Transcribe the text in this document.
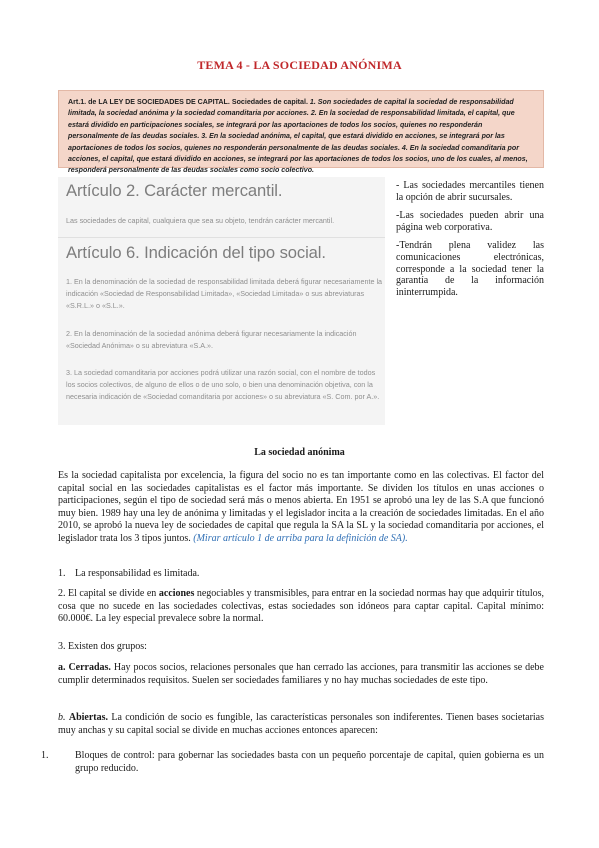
TEMA 4 - LA SOCIEDAD ANÓNIMA
Art.1. de LA LEY DE SOCIEDADES DE CAPITAL. Sociedades de capital. 1. Son sociedades de capital la sociedad de responsabilidad limitada, la sociedad anónima y la sociedad comanditaria por acciones. 2. En la sociedad de responsabilidad limitada, el capital, que estará dividido en participaciones sociales, se integrará por las aportaciones de todos los socios, quienes no responderán personalmente de las deudas sociales. 3. En la sociedad anónima, el capital, que estará dividido en acciones, se integrará por las aportaciones de todos los socios, quienes no responderán personalmente de las deudas sociales. 4. En la sociedad comanditaria por acciones, el capital, que estará dividido en acciones, se integrará por las aportaciones de todos los socios, uno de los cuales, al menos, responderá personalmente de las deudas sociales como socio colectivo.
Artículo 2. Carácter mercantil.
Las sociedades de capital, cualquiera que sea su objeto, tendrán carácter mercantil.
Artículo 6. Indicación del tipo social.
1. En la denominación de la sociedad de responsabilidad limitada deberá figurar necesariamente la indicación «Sociedad de Responsabilidad Limitada», «Sociedad Limitada» o sus abreviaturas «S.R.L.» o «S.L.».
2. En la denominación de la sociedad anónima deberá figurar necesariamente la indicación «Sociedad Anónima» o su abreviatura «S.A.».
3. La sociedad comanditaria por acciones podrá utilizar una razón social, con el nombre de todos los socios colectivos, de alguno de ellos o de uno solo, o bien una denominación objetiva, con la necesaria indicación de «Sociedad comanditaria por acciones» o su abreviatura «S. Com. por A.».

- Las sociedades mercantiles tienen la opción de abrir sucursales.

-Las sociedades pueden abrir una página web corporativa.

-Tendrán plena validez las comunicaciones electrónicas, corresponde a la sociedad tener la garantía de la información ininterrumpida.

La sociedad anónima
Es la sociedad capitalista por excelencia, la figura del socio no es tan importante como en las colectivas. El factor del capital social en las sociedades capitalistas es el factor más importante. Se dividen los títulos en unas acciones o participaciones, según el tipo de sociedad será más o menos abierta. En 1951 se aprobó una ley de las S.A que funcionó muy bien. 1989 hay una ley de anónima y limitadas y el legislador incita a la creación de sociedades limitadas. En el año 2010, se aprobó la nueva ley de sociedades de capital que regula la SA la SL y la sociedad comanditaria por acciones, el legislador trata los 3 tipos juntos. (Mirar artículo 1 de arriba para la definición de SA).
1. La responsabilidad es limitada.
2. El capital se divide en acciones negociables y transmisibles, para entrar en la sociedad normas hay que adquirir títulos, cosa que no sucede en las sociedades colectivas, estas sociedades son idóneos para captar capital. Capital mínimo: 60.000€. La ley especial prevalece sobre la normal.
3. Existen dos grupos:
a. Cerradas. Hay pocos socios, relaciones personales que han cerrado las acciones, para transmitir las acciones se debe cumplir determinados requisitos. Suelen ser sociedades familiares y no hay muchas sociedades de este tipo.
b. Abiertas. La condición de socio es fungible, las características personales son indiferentes. Tienen bases societarias muy anchas y su capital social se divide en muchas acciones entonces aparecen:
1.	Bloques de control: para gobernar las sociedades basta con un pequeño porcentaje de capital, quien gobierna es un grupo reducido.
